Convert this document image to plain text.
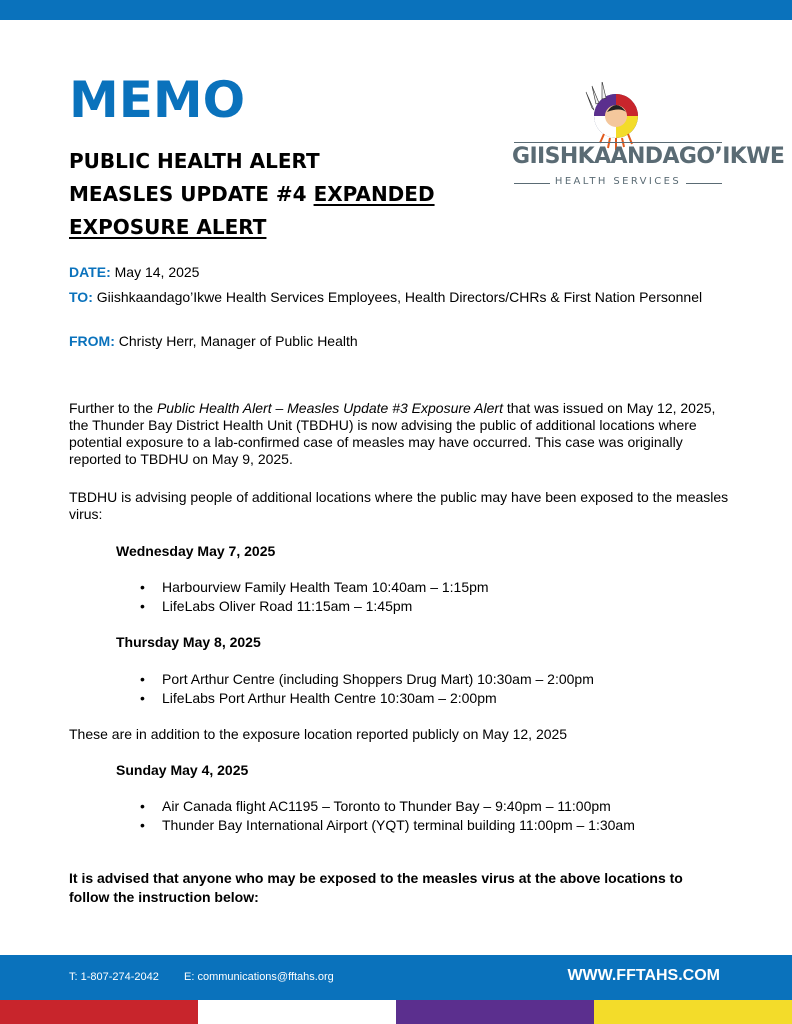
MEMO
PUBLIC HEALTH ALERT
MEASLES UPDATE #4 EXPANDED
EXPOSURE ALERT
GIISHKAANDAGO’IKWE
HEALTH SERVICES
DATE: May 14, 2025
TO: Giishkaandago’Ikwe Health Services Employees, Health Directors/CHRs & First Nation Personnel
FROM: Christy Herr, Manager of Public Health

Further to the Public Health Alert – Measles Update #3 Exposure Alert that was issued on May 12, 2025, the Thunder Bay District Health Unit (TBDHU) is now advising the public of additional locations where potential exposure to a lab-confirmed case of measles may have occurred. This case was originally reported to TBDHU on May 9, 2025.

TBDHU is advising people of additional locations where the public may have been exposed to the measles virus:

Wednesday May 7, 2025
• Harbourview Family Health Team 10:40am – 1:15pm
• LifeLabs Oliver Road 11:15am – 1:45pm
Thursday May 8, 2025
• Port Arthur Centre (including Shoppers Drug Mart) 10:30am – 2:00pm
• LifeLabs Port Arthur Health Centre 10:30am – 2:00pm
These are in addition to the exposure location reported publicly on May 12, 2025
Sunday May 4, 2025
• Air Canada flight AC1195 – Toronto to Thunder Bay – 9:40pm – 11:00pm
• Thunder Bay International Airport (YQT) terminal building 11:00pm – 1:30am
It is advised that anyone who may be exposed to the measles virus at the above locations to follow the instruction below:
T: 1-807-274-2042 E: communications@fftahs.org	WWW.FFTAHS.COM
